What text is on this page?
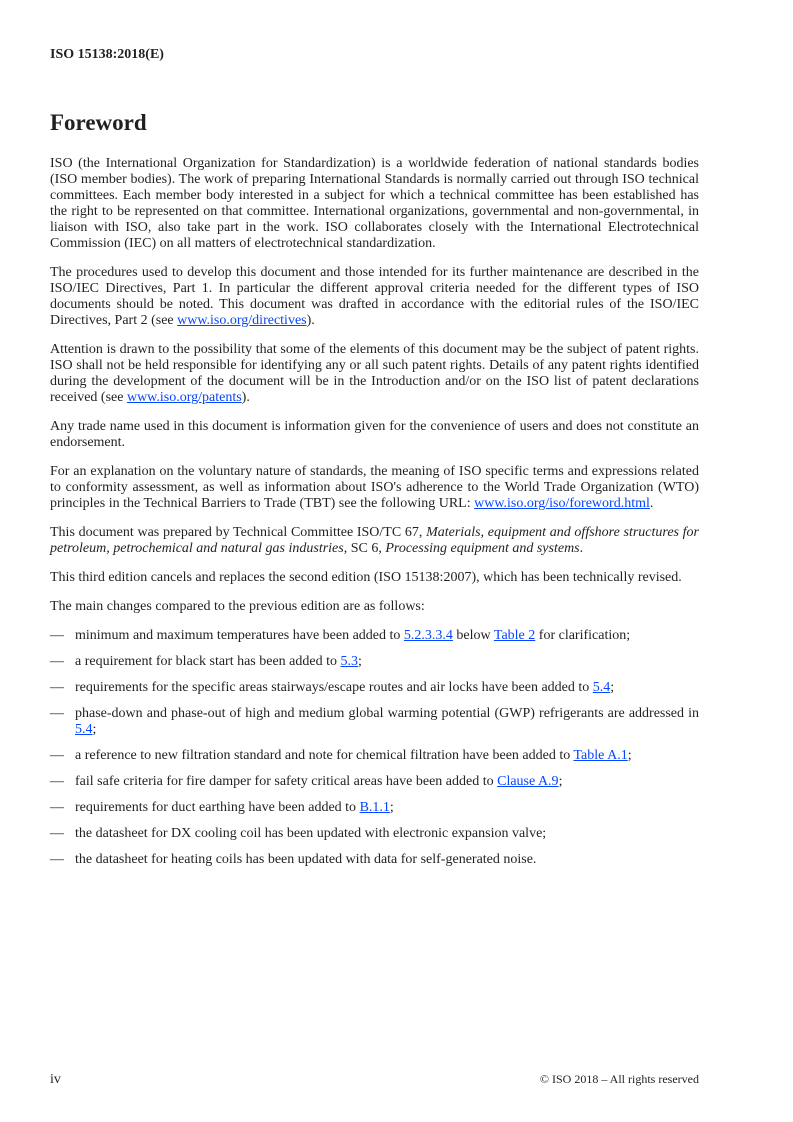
ISO 15138:2018(E)
Foreword

ISO (the International Organization for Standardization) is a worldwide federation of national standards bodies (ISO member bodies). The work of preparing International Standards is normally carried out through ISO technical committees. Each member body interested in a subject for which a technical committee has been established has the right to be represented on that committee. International organizations, governmental and non-governmental, in liaison with ISO, also take part in the work. ISO collaborates closely with the International Electrotechnical Commission (IEC) on all matters of electrotechnical standardization.

The procedures used to develop this document and those intended for its further maintenance are described in the ISO/IEC Directives, Part 1. In particular the different approval criteria needed for the different types of ISO documents should be noted. This document was drafted in accordance with the editorial rules of the ISO/IEC Directives, Part 2 (see www.iso.org/directives).

Attention is drawn to the possibility that some of the elements of this document may be the subject of patent rights. ISO shall not be held responsible for identifying any or all such patent rights. Details of any patent rights identified during the development of the document will be in the Introduction and/or on the ISO list of patent declarations received (see www.iso.org/patents).

Any trade name used in this document is information given for the convenience of users and does not constitute an endorsement.

For an explanation on the voluntary nature of standards, the meaning of ISO specific terms and expressions related to conformity assessment, as well as information about ISO's adherence to the World Trade Organization (WTO) principles in the Technical Barriers to Trade (TBT) see the following URL: www.iso.org/iso/foreword.html.

This document was prepared by Technical Committee ISO/TC 67, Materials, equipment and offshore structures for petroleum, petrochemical and natural gas industries, SC 6, Processing equipment and systems.

This third edition cancels and replaces the second edition (ISO 15138:2007), which has been technically revised.

The main changes compared to the previous edition are as follows:

— minimum and maximum temperatures have been added to 5.2.3.3.4 below Table 2 for clarification;
— a requirement for black start has been added to 5.3;
— requirements for the specific areas stairways/escape routes and air locks have been added to 5.4;
— phase-down and phase-out of high and medium global warming potential (GWP) refrigerants are addressed in 5.4;
— a reference to new filtration standard and note for chemical filtration have been added to Table A.1;
— fail safe criteria for fire damper for safety critical areas have been added to Clause A.9;
— requirements for duct earthing have been added to B.1.1;
— the datasheet for DX cooling coil has been updated with electronic expansion valve;
— the datasheet for heating coils has been updated with data for self-generated noise.
iv	© ISO 2018 – All rights reserved
